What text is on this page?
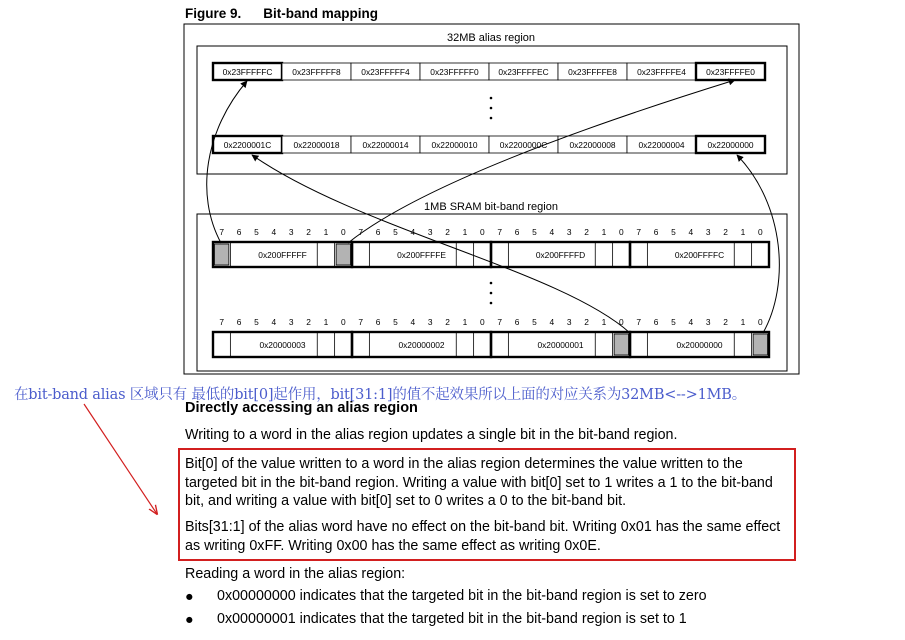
Figure 9. Bit-band mapping
32MB alias region
0x23FFFFFC 0x23FFFFF8 0x23FFFFF4 0x23FFFFF0 0x23FFFFEC 0x23FFFFE8 0x23FFFFE4 0x23FFFFE0
0x2200001C	0x22000018	0x22000014	0x22000010	0x2200000C	0x22000008	0x22000004	0x22000000
1MB SRAM bit-band region
7 6 5 4 3 2 1 0
0x200FFFFF
7 6 5 4 3 2 1 0
0x200FFFFE
7 6 5 4 3 2 1 0
0x200FFFFD
7 6 5 4 3 2 1 0
0x200FFFFC
7 6 5 4 3 2 1 0
0x20000003
7 6 5 4 3 2 1 0
0x20000002
7 6 5 4 3 2 1 0
0x20000001
7 6 5 4 3 2 1 0
0x20000000
在bit-band alias 区域只有 最低的bit[0]起作用，bit[31:1]的值不起效果所以上面的对应关系为32MB<-->1MB。
Directly accessing an alias region
Writing to a word in the alias region updates a single bit in the bit-band region.

Bit[0] of the value written to a word in the alias region determines the value written to the targeted bit in the bit-band region. Writing a value with bit[0] set to 1 writes a 1 to the bit-band bit, and writing a value with bit[0] set to 0 writes a 0 to the bit-band bit.

Bits[31:1] of the alias word have no effect on the bit-band bit. Writing 0x01 has the same effect as writing 0xFF. Writing 0x00 has the same effect as writing 0x0E.

Reading a word in the alias region:
● 0x00000000 indicates that the targeted bit in the bit-band region is set to zero
● 0x00000001 indicates that the targeted bit in the bit-band region is set to 1
